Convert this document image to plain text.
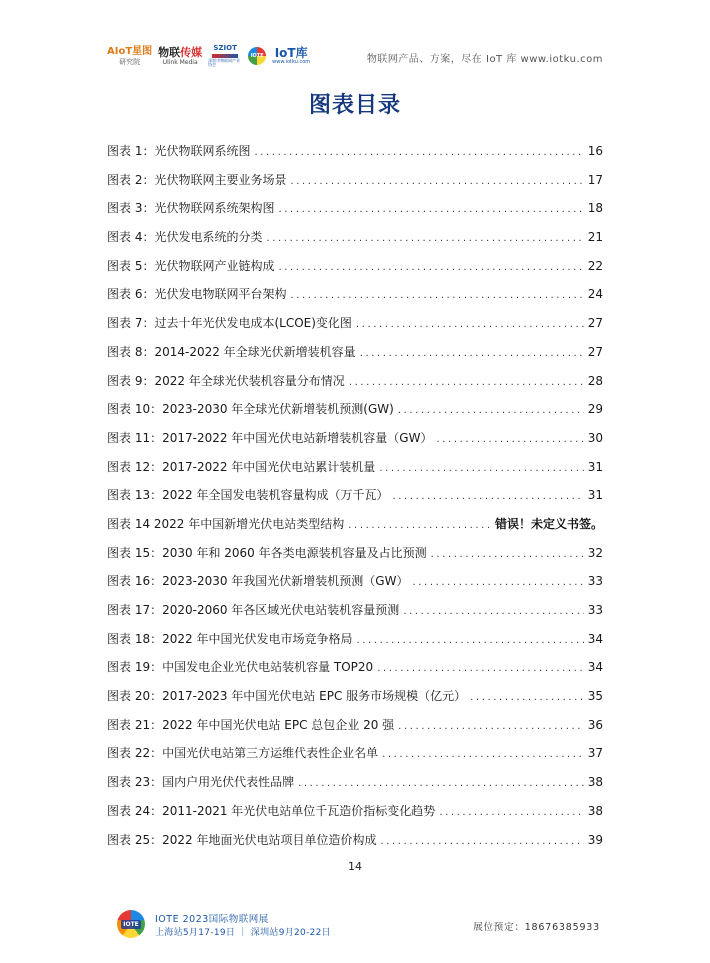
AIoT星图
研究院
物联传媒
Ulink Media
SZIOT
深圳市物联网产业协会
IOTE IoT库
www.iotku.com	物联网产品、方案，尽在 IoT 库 www.iotku.com
图表目录
图表 1：光伏物联网系统图 .....	16
图表 2：光伏物联网主要业务场景 .....	17
图表 3：光伏物联网系统架构图 .....	18
图表 4：光伏发电系统的分类 .....	21
图表 5：光伏物联网产业链构成 .....	22
图表 6：光伏发电物联网平台架构 .....	24
图表 7：过去十年光伏发电成本(LCOE)变化图 .....	27
图表 8：2014-2022 年全球光伏新增装机容量 .....	27
图表 9：2022 年全球光伏装机容量分布情况 .....	28
图表 10：2023-2030 年全球光伏新增装机预测(GW) .....	29
图表 11：2017-2022 年中国光伏电站新增装机容量（GW） .....	30
图表 12：2017-2022 年中国光伏电站累计装机量 .....	31
图表 13：2022 年全国发电装机容量构成（万千瓦） .....	31
图表 14 2022 年中国新增光伏电站类型结构 .....	错误！未定义书签。
图表 15：2030 年和 2060 年各类电源装机容量及占比预测 .....	32
图表 16：2023-2030 年我国光伏新增装机预测（GW） .....	33
图表 17：2020-2060 年各区域光伏电站装机容量预测 .....	33
图表 18：2022 年中国光伏发电市场竞争格局 .....	34
图表 19：中国发电企业光伏电站装机容量 TOP20 .....	34
图表 20：2017-2023 年中国光伏电站 EPC 服务市场规模（亿元） .....	35
图表 21：2022 年中国光伏电站 EPC 总包企业 20 强 .....	36
图表 22：中国光伏电站第三方运维代表性企业名单 .....	37
图表 23：国内户用光伏代表性品牌 .....	38
图表 24：2011-2021 年光伏电站单位千瓦造价指标变化趋势 .....	38
图表 25：2022 年地面光伏电站项目单位造价构成 .....	39
14
IOTE IOTE 2023国际物联网展
上海站5月17-19日 ｜ 深圳站9月20-22日	展位预定：18676385933
